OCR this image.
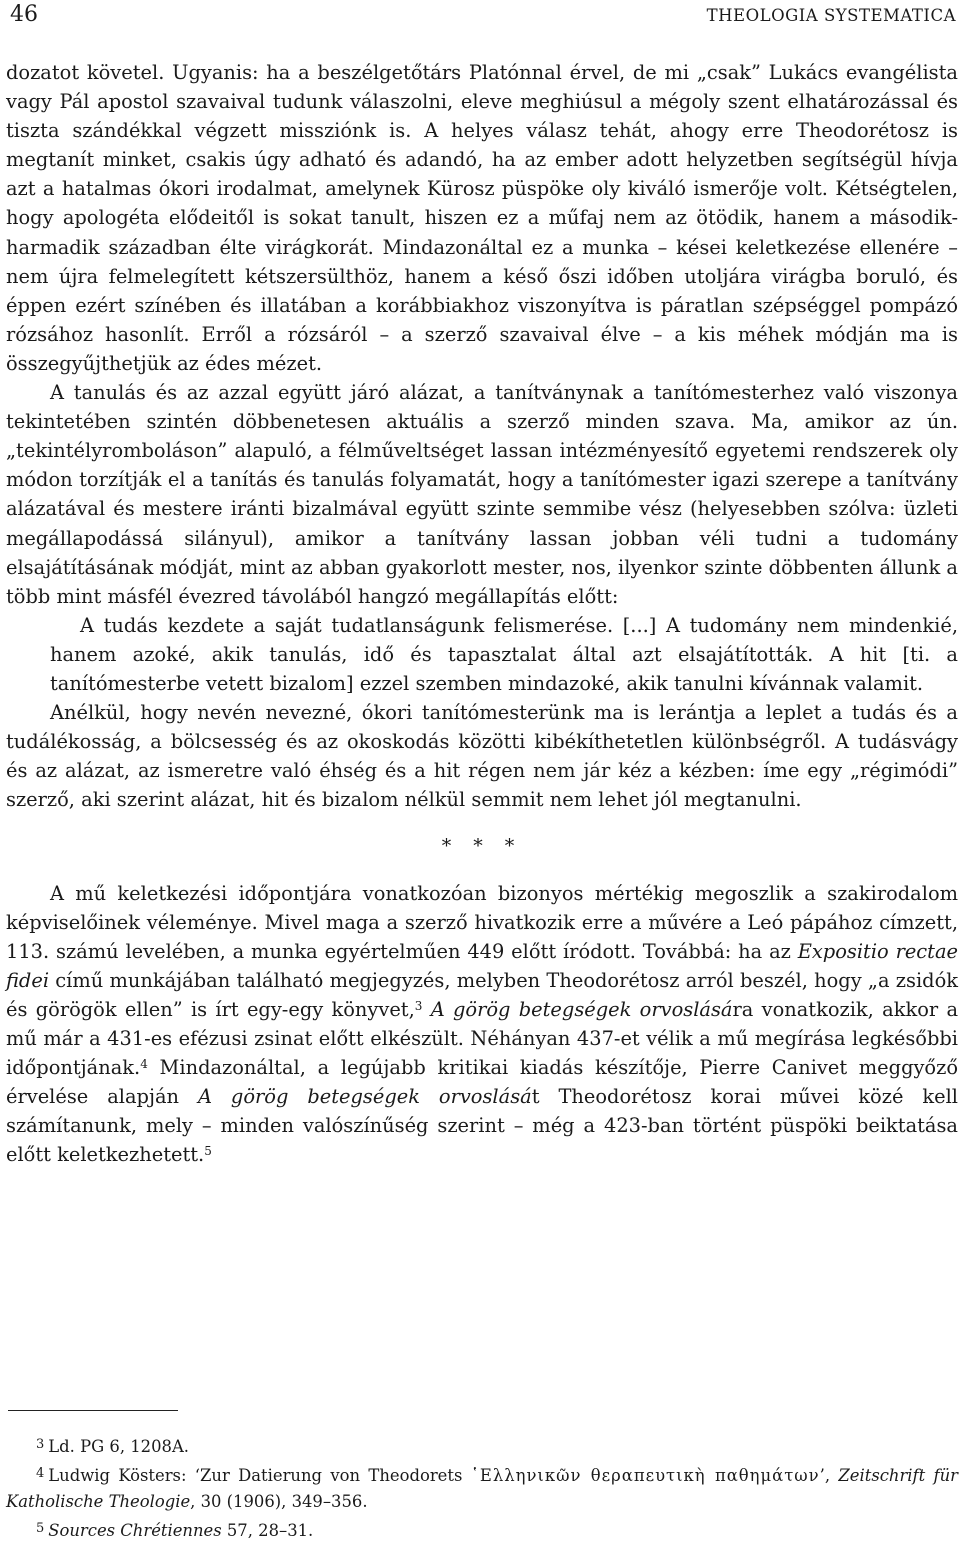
46	THEOLOGIA SYSTEMATICA

dozatot követel. Ugyanis: ha a beszélgetőtárs Platónnal érvel, de mi „csak” Lukács evangélista vagy Pál apostol szavaival tudunk válaszolni, eleve meghiúsul a mégoly szent elhatározással és tiszta szándékkal végzett missziónk is. A helyes válasz tehát, ahogy erre Theodorétosz is megtanít minket, csakis úgy adható és adandó, ha az ember adott helyzetben segítségül hívja azt a hatalmas ókori irodalmat, amelynek Kürosz püspöke oly kiváló ismerője volt. Kétségtelen, hogy apologéta elődeitől is sokat tanult, hiszen ez a műfaj nem az ötödik, hanem a második-harmadik században élte virágkorát. Mindazonáltal ez a munka – kései keletkezése ellenére – nem újra felmelegített kétszersülthöz, hanem a késő őszi időben utoljára virágba boruló, és éppen ezért színében és illatában a korábbiakhoz viszonyítva is páratlan szépséggel pompázó rózsához hasonlít. Erről a rózsáról – a szerző szavaival élve – a kis méhek módján ma is összegyűjthetjük az édes mézet.

A tanulás és az azzal együtt járó alázat, a tanítványnak a tanítómesterhez való viszonya tekintetében szintén döbbenetesen aktuális a szerző minden szava. Ma, amikor az ún. „tekintélyromboláson” alapuló, a félműveltséget lassan intézményesítő egyetemi rendszerek oly módon torzítják el a tanítás és tanulás folyamatát, hogy a tanítómester igazi szerepe a tanítvány alázatával és mestere iránti bizalmával együtt szinte semmibe vész (helyesebben szólva: üzleti megállapodássá silányul), amikor a tanítvány lassan jobban véli tudni a tudomány elsajátításának módját, mint az abban gyakorlott mester, nos, ilyenkor szinte döbbenten állunk a több mint másfél évezred távolából hangzó megállapítás előtt:

A tudás kezdete a saját tudatlanságunk felismerése. [...] A tudomány nem mindenkié, hanem azoké, akik tanulás, idő és tapasztalat által azt elsajátították. A hit [ti. a tanítómesterbe vetett bizalom] ezzel szemben mindazoké, akik tanulni kívánnak valamit.

Anélkül, hogy nevén nevezné, ókori tanítómesterünk ma is lerántja a leplet a tudás és a tudálékosság, a bölcsesség és az okoskodás közötti kibékíthetetlen különbségről. A tudásvágy és az alázat, az ismeretre való éhség és a hit régen nem jár kéz a kézben: íme egy „régimódi” szerző, aki szerint alázat, hit és bizalom nélkül semmit nem lehet jól megtanulni.

* * *

A mű keletkezési időpontjára vonatkozóan bizonyos mértékig megoszlik a szakirodalom képviselőinek véleménye. Mivel maga a szerző hivatkozik erre a művére a Leó pápához címzett, 113. számú levelében, a munka egyértelműen 449 előtt íródott. Továbbá: ha az Expositio rectae fidei című munkájában található megjegyzés, melyben Theodorétosz arról beszél, hogy „a zsidók és görögök ellen” is írt egy-egy könyvet,$^3$ A görög betegségek orvoslására vonatkozik, akkor a mű már a 431-es efézusi zsinat előtt elkészült. Néhányan 437-et vélik a mű megírása legkésőbbi időpontjának.$^4$ Mindazonáltal, a legújabb kritikai kiadás készítője, Pierre Canivet meggyőző érvelése alapján A görög betegségek orvoslását Theodorétosz korai művei közé kell számítanunk, mely – minden valószínűség szerint – még a 423-ban történt püspöki beiktatása előtt keletkezhetett.$^5$

$^3$ Ld. PG 6, 1208A.

$^4$ Ludwig Kösters: ‘Zur Datierung von Theodorets ῾Ελληνικῶν θεραπευτικὴ παθημάτων’, Zeitschrift für Katholische Theologie, 30 (1906), 349–356.

$^5$ Sources Chrétiennes 57, 28–31.
